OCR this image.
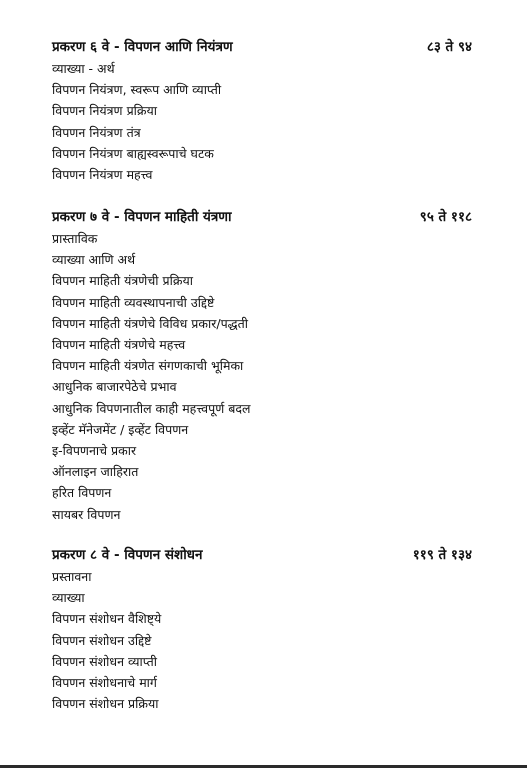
प्रकरण ६ वे - विपणन आणि नियंत्रण	८३ ते ९४
व्याख्या - अर्थ
विपणन नियंत्रण, स्वरूप आणि व्याप्ती
विपणन नियंत्रण प्रक्रिया
विपणन नियंत्रण तंत्र
विपणन नियंत्रण बाह्यस्वरूपाचे घटक
विपणन नियंत्रण महत्त्व
प्रकरण ७ वे - विपणन माहिती यंत्रणा	९५ ते ११८
प्रास्ताविक
व्याख्या आणि अर्थ
विपणन माहिती यंत्रणेची प्रक्रिया
विपणन माहिती व्यवस्थापनाची उद्दिष्टे
विपणन माहिती यंत्रणेचे विविध प्रकार/पद्धती
विपणन माहिती यंत्रणेचे महत्त्व
विपणन माहिती यंत्रणेत संगणकाची भूमिका
आधुनिक बाजारपेठेचे प्रभाव
आधुनिक विपणनातील काही महत्त्वपूर्ण बदल
इव्हेंट मॅनेजमेंट / इव्हेंट विपणन
इ-विपणनाचे प्रकार
ऑनलाइन जाहिरात
हरित विपणन
सायबर विपणन
प्रकरण ८ वे - विपणन संशोधन	११९ ते १३४
प्रस्तावना
व्याख्या
विपणन संशोधन वैशिष्ट्ये
विपणन संशोधन उद्दिष्टे
विपणन संशोधन व्याप्ती
विपणन संशोधनाचे मार्ग
विपणन संशोधन प्रक्रिया
